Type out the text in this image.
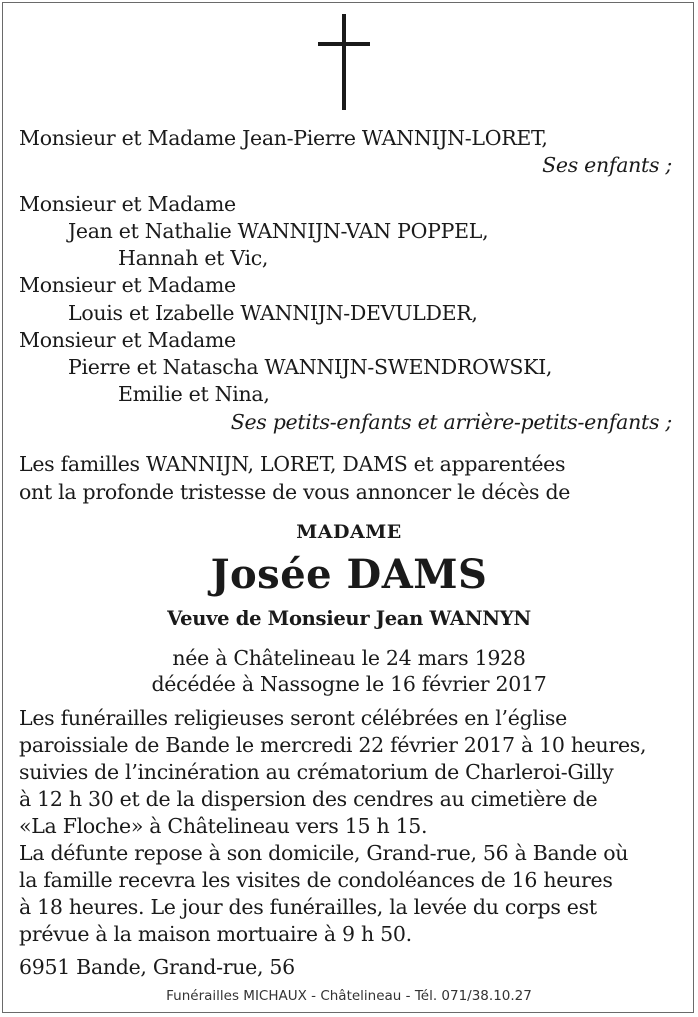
Monsieur et Madame Jean-Pierre WANNIJN-LORET,
Ses enfants ;
Monsieur et Madame
Jean et Nathalie WANNIJN-VAN POPPEL,
Hannah et Vic,
Monsieur et Madame
Louis et Izabelle WANNIJN-DEVULDER,
Monsieur et Madame
Pierre et Natascha WANNIJN-SWENDROWSKI,
Emilie et Nina,
Ses petits-enfants et arrière-petits-enfants ;
Les familles WANNIJN, LORET, DAMS et apparentées
ont la profonde tristesse de vous annoncer le décès de
MADAME
Josée DAMS
Veuve de Monsieur Jean WANNYN
née à Châtelineau le 24 mars 1928
décédée à Nassogne le 16 février 2017
Les funérailles religieuses seront célébrées en l’église
paroissiale de Bande le mercredi 22 février 2017 à 10 heures,
suivies de l’incinération au crématorium de Charleroi-Gilly
à 12 h 30 et de la dispersion des cendres au cimetière de
«La Floche» à Châtelineau vers 15 h 15.
La défunte repose à son domicile, Grand-rue, 56 à Bande où
la famille recevra les visites de condoléances de 16 heures
à 18 heures. Le jour des funérailles, la levée du corps est
prévue à la maison mortuaire à 9 h 50.
6951 Bande, Grand-rue, 56
Funérailles MICHAUX - Châtelineau - Tél. 071/38.10.27
